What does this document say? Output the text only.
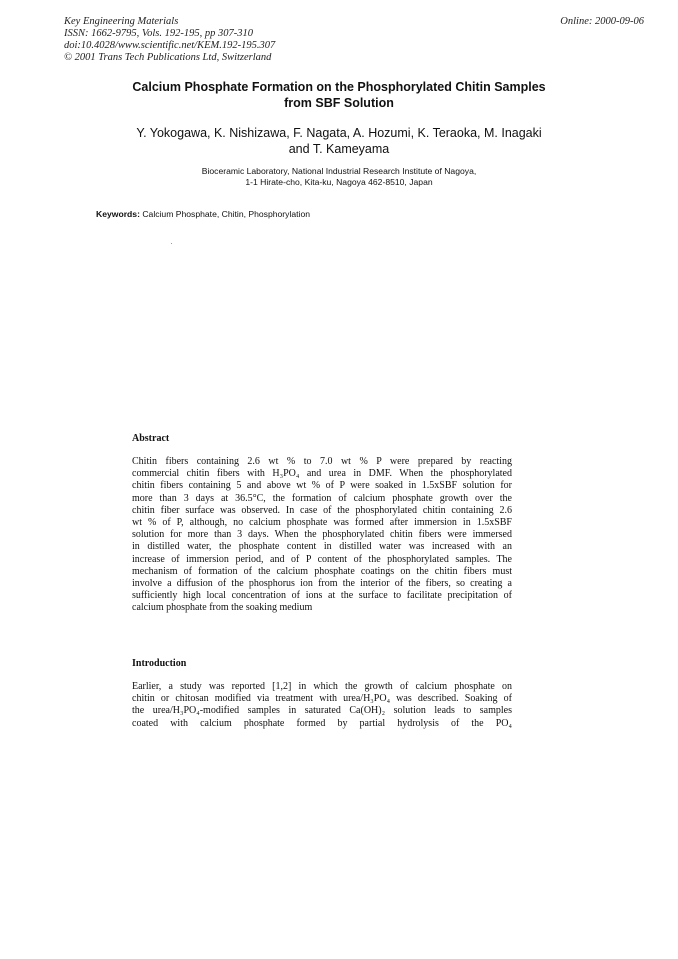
Key Engineering Materials
ISSN: 1662-9795, Vols. 192-195, pp 307-310
doi:10.4028/www.scientific.net/KEM.192-195.307
© 2001 Trans Tech Publications Ltd, Switzerland
Online: 2000-09-06
Calcium Phosphate Formation on the Phosphorylated Chitin Samples
from SBF Solution
Y. Yokogawa, K. Nishizawa, F. Nagata, A. Hozumi, K. Teraoka, M. Inagaki
and T. Kameyama
Bioceramic Laboratory, National Industrial Research Institute of Nagoya,
1-1 Hirate-cho, Kita-ku, Nagoya 462-8510, Japan
Keywords: Calcium Phosphate, Chitin, Phosphorylation
Abstract
Chitin fibers containing 2.6 wt % to 7.0 wt % P were prepared by reacting
commercial chitin fibers with H₃PO₄ and urea in DMF. When the phosphorylated
chitin fibers containing 5 and above wt % of P were soaked in 1.5xSBF solution for
more than 3 days at 36.5°C, the formation of calcium phosphate growth over the
chitin fiber surface was observed. In case of the phosphorylated chitin containing 2.6
wt % of P, although, no calcium phosphate was formed after immersion in 1.5xSBF
solution for more than 3 days. When the phosphorylated chitin fibers were immersed
in distilled water, the phosphate content in distilled water was increased with an
increase of immersion period, and of P content of the phosphorylated samples. The
mechanism of formation of the calcium phosphate coatings on the chitin fibers must
involve a diffusion of the phosphorus ion from the interior of the fibers, so creating a
sufficiently high local concentration of ions at the surface to facilitate precipitation of
calcium phosphate from the soaking medium
Introduction
Earlier, a study was reported [1,2] in which the growth of calcium phosphate on
chitin or chitosan modified via treatment with urea/H₃PO₄ was described. Soaking of
the urea/H₃PO₄-modified samples in saturated Ca(OH)₂ solution leads to samples
coated with calcium phosphate formed by partial hydrolysis of the PO₄
